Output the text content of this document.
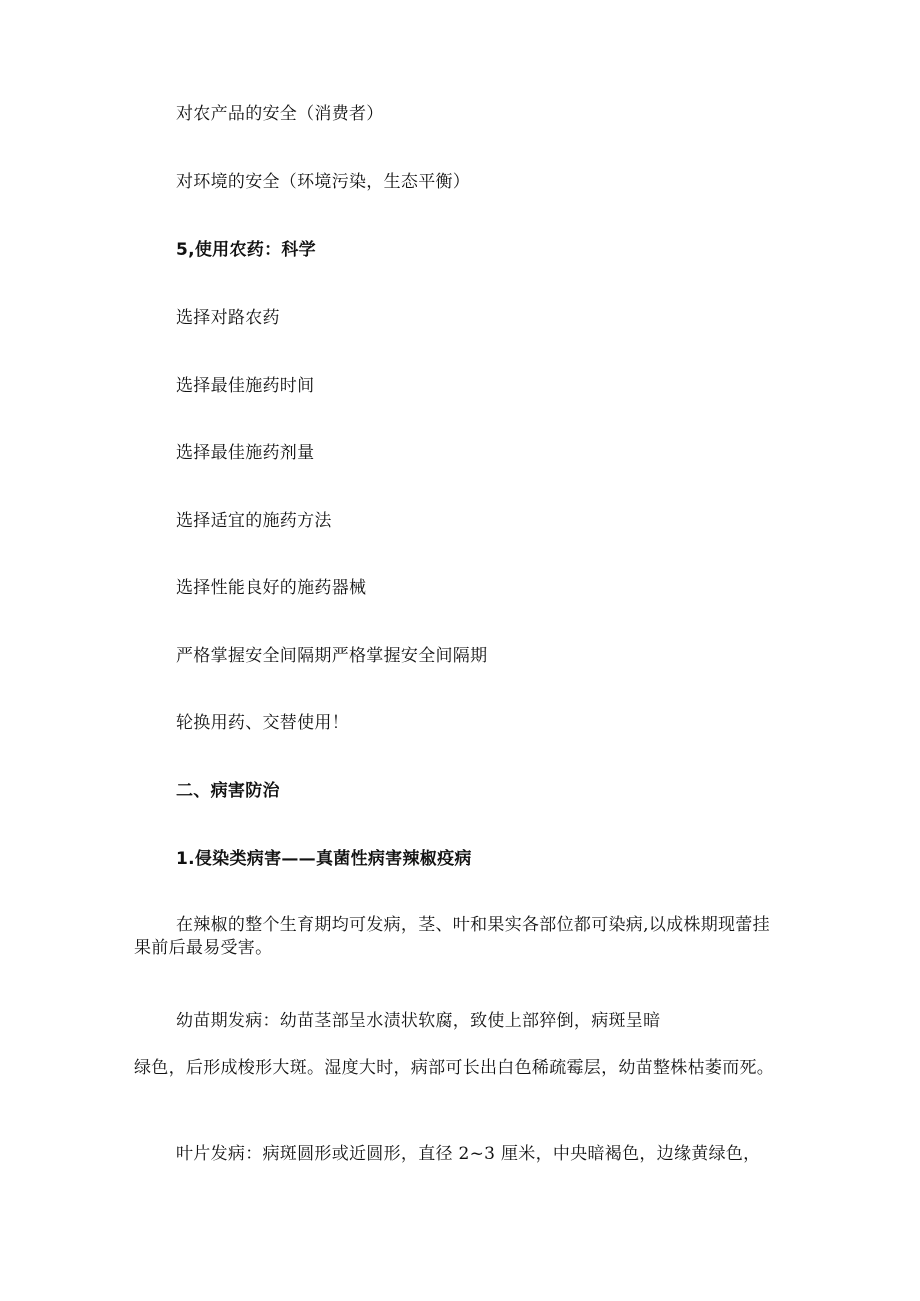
对农产品的安全（消费者）

对环境的安全（环境污染，生态平衡）

5,使用农药：科学

选择对路农药

选择最佳施药时间

选择最佳施药剂量

选择适宜的施药方法

选择性能良好的施药器械

严格掌握安全间隔期严格掌握安全间隔期

轮换用药、交替使用！

二、病害防治

1.侵染类病害——真菌性病害辣椒疫病

在辣椒的整个生育期均可发病，茎、叶和果实各部位都可染病,以成株期现蕾挂果前后最易受害。

幼苗期发病：幼苗茎部呈水渍状软腐，致使上部猝倒，病斑呈暗

绿色，后形成梭形大斑。湿度大时，病部可长出白色稀疏霉层，幼苗整株枯萎而死。

叶片发病：病斑圆形或近圆形，直径 2~3 厘米，中央暗褐色，边缘黄绿色，
